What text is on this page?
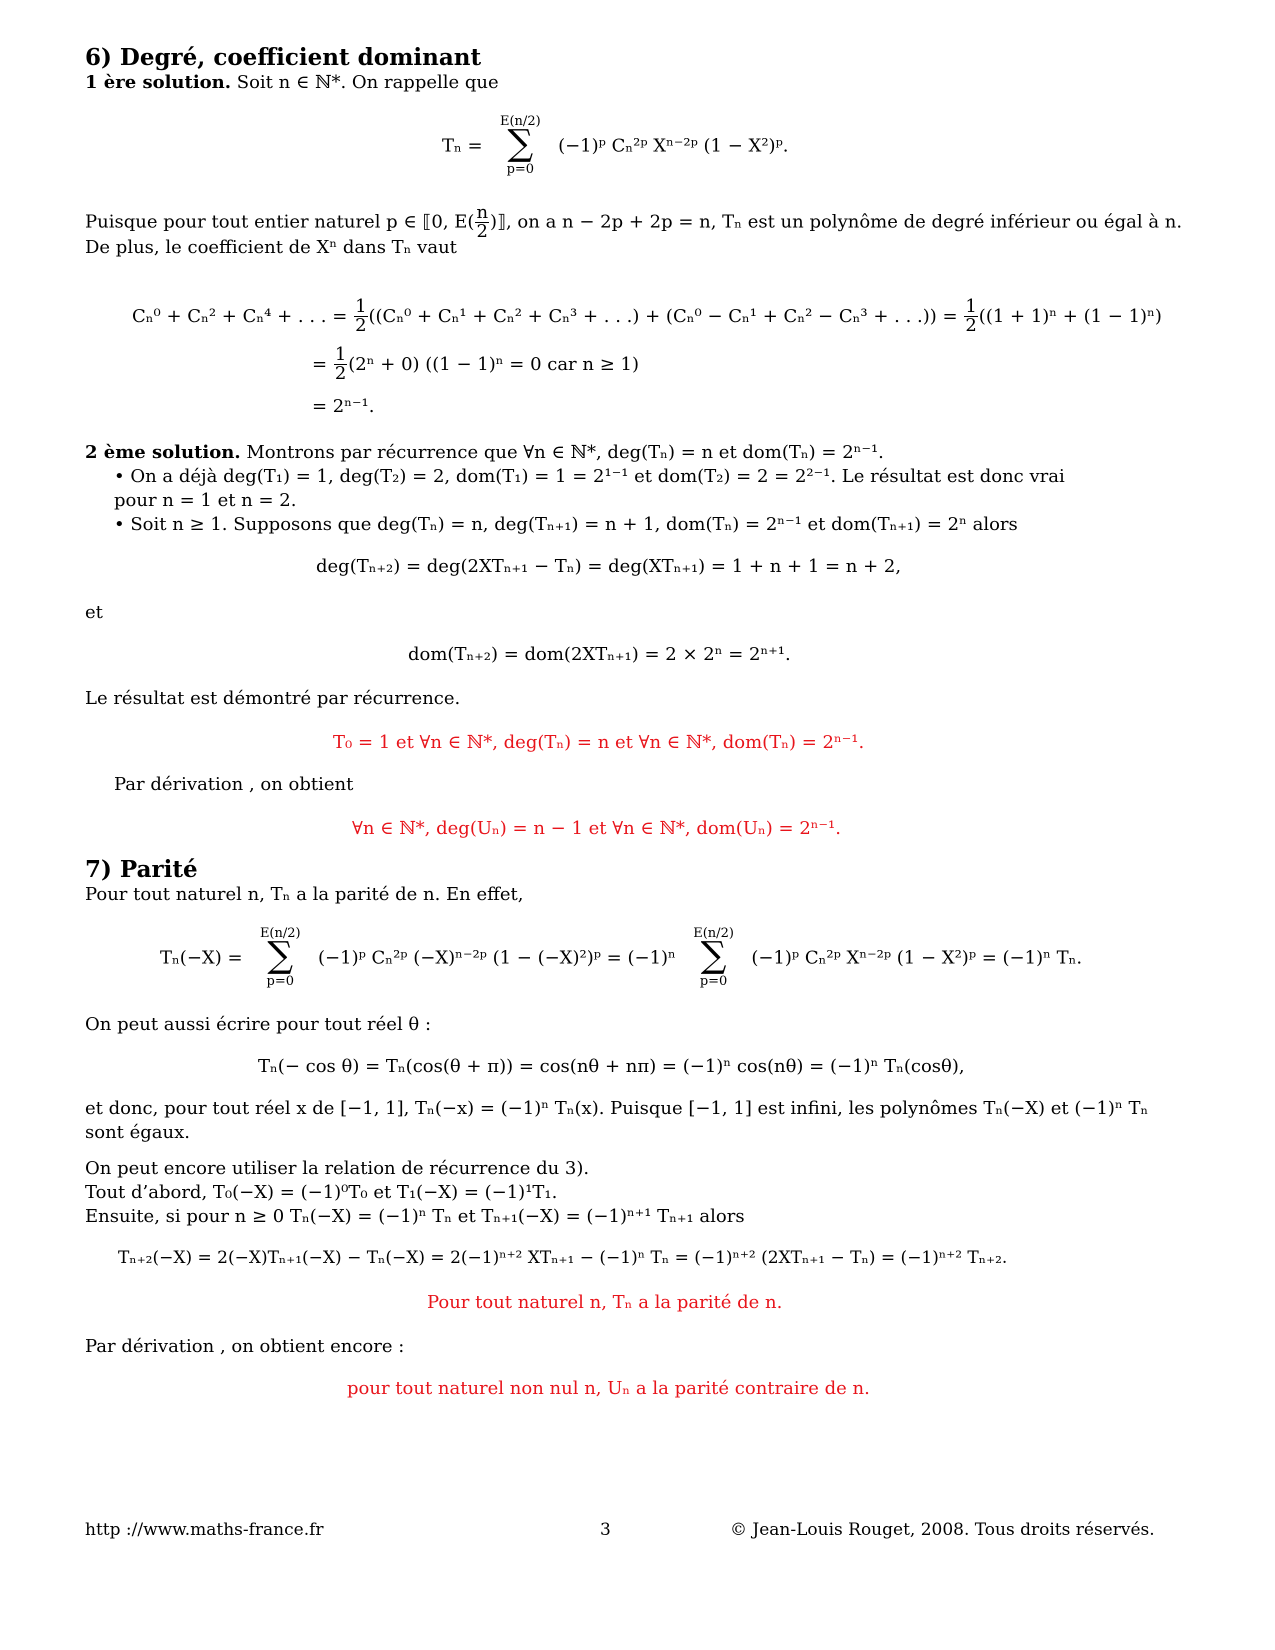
6) Degré, coefficient dominant
1 ère solution. Soit n ∈ ℕ*. On rappelle que
Tₙ =
E(n/2)
∑
p=0
(−1)ᵖ Cₙ²ᵖ Xⁿ⁻²ᵖ (1 − X²)ᵖ.
Puisque pour tout entier naturel p ∈ ⟦0, $E( \frac{n}{2}$ )⟧, on a n − 2p + 2p = n, Tₙ est un polynôme de degré inférieur ou égal à n.
De plus, le coefficient de Xⁿ dans Tₙ vaut
Cₙ⁰ + Cₙ² + Cₙ⁴ + . . . = $\frac{1}{2} ((C_n^0 + C_n^1 + C_n^2 + C_n^3$ + . . .) + (Cₙ⁰ − Cₙ¹ + Cₙ² − Cₙ³ + . . .)) = $\frac{1}{2} ((1 + 1)^n + (1 - 1)^n)$
= $\frac{1}{2} (2^n + 0) ((1 - 1)^n = 0$ car n ≥ 1)
= 2ⁿ⁻¹.
2 ème solution. Montrons par récurrence que ∀n ∈ ℕ*, deg(Tₙ) = n et dom(Tₙ) = 2ⁿ⁻¹.
• On a déjà deg(T₁) = 1, deg(T₂) = 2, dom(T₁) = 1 = 2¹⁻¹ et dom(T₂) = 2 = 2²⁻¹. Le résultat est donc vrai
pour n = 1 et n = 2.
• Soit n ≥ 1. Supposons que deg(Tₙ) = n, deg(Tₙ₊₁) = n + 1, dom(Tₙ) = 2ⁿ⁻¹ et dom(Tₙ₊₁) = 2ⁿ alors
deg(Tₙ₊₂) = deg(2XTₙ₊₁ − Tₙ) = deg(XTₙ₊₁) = 1 + n + 1 = n + 2,
et
dom(Tₙ₊₂) = dom(2XTₙ₊₁) = 2 × 2ⁿ = 2ⁿ⁺¹.
Le résultat est démontré par récurrence.
T₀ = 1 et ∀n ∈ ℕ*, deg(Tₙ) = n et ∀n ∈ ℕ*, dom(Tₙ) = 2ⁿ⁻¹.
Par dérivation , on obtient
∀n ∈ ℕ*, deg(Uₙ) = n − 1 et ∀n ∈ ℕ*, dom(Uₙ) = 2ⁿ⁻¹.
7) Parité
Pour tout naturel n, Tₙ a la parité de n. En effet,
Tₙ(−X) =
E(n/2)
∑
p=0
(−1)ᵖ Cₙ²ᵖ (−X)ⁿ⁻²ᵖ (1 − (−X)²)ᵖ = (−1)ⁿ
E(n/2)
∑
p=0
(−1)ᵖ Cₙ²ᵖ Xⁿ⁻²ᵖ (1 − X²)ᵖ = (−1)ⁿ Tₙ.
On peut aussi écrire pour tout réel θ :
Tₙ(− cos θ) = Tₙ(cos(θ + π)) = cos(nθ + nπ) = (−1)ⁿ cos(nθ) = (−1)ⁿ Tₙ(cosθ),
et donc, pour tout réel x de [−1, 1], Tₙ(−x) = (−1)ⁿ Tₙ(x). Puisque [−1, 1] est infini, les polynômes Tₙ(−X) et (−1)ⁿ Tₙ
sont égaux.
On peut encore utiliser la relation de récurrence du 3).
Tout d’abord, T₀(−X) = (−1)⁰T₀ et T₁(−X) = (−1)¹T₁.
Ensuite, si pour n ≥ 0 Tₙ(−X) = (−1)ⁿ Tₙ et Tₙ₊₁(−X) = (−1)ⁿ⁺¹ Tₙ₊₁ alors
Tₙ₊₂(−X) = 2(−X)Tₙ₊₁(−X) − Tₙ(−X) = 2(−1)ⁿ⁺² XTₙ₊₁ − (−1)ⁿ Tₙ = (−1)ⁿ⁺² (2XTₙ₊₁ − Tₙ) = (−1)ⁿ⁺² Tₙ₊₂.
Pour tout naturel n, Tₙ a la parité de n.
Par dérivation , on obtient encore :
pour tout naturel non nul n, Uₙ a la parité contraire de n.
http ://www.maths-france.fr	3	© Jean-Louis Rouget, 2008. Tous droits réservés.
